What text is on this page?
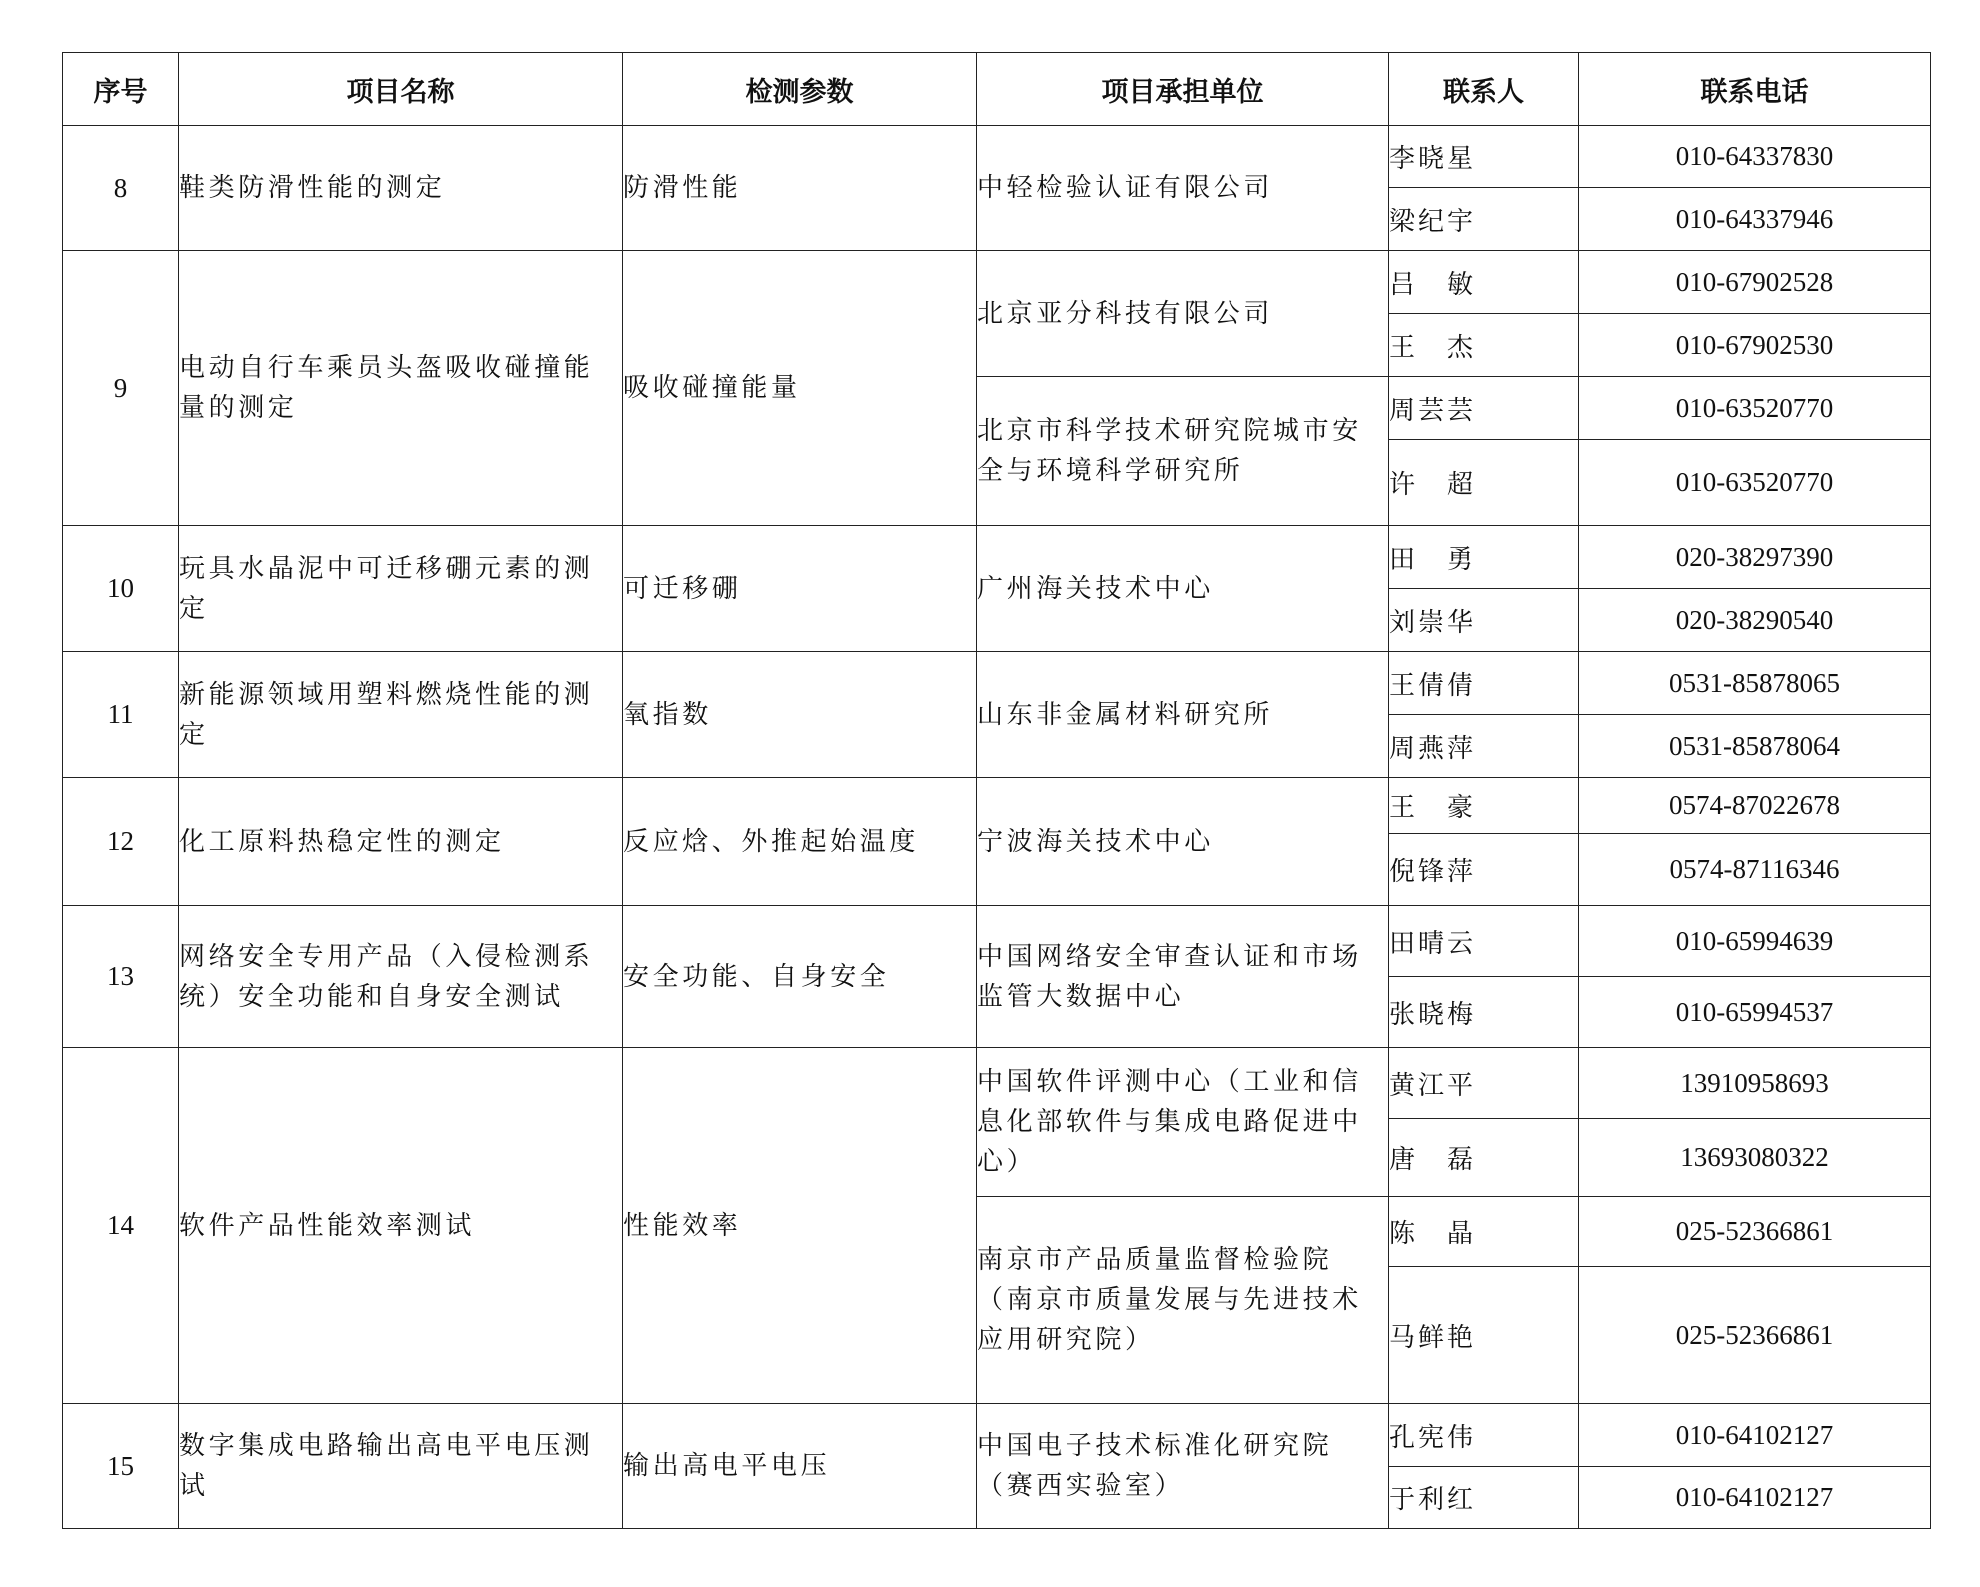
序号	项目名称	检测参数	项目承担单位	联系人	联系电话
8	鞋类防滑性能的测定	防滑性能	中轻检验认证有限公司	李晓星	010-64337830
				梁纪宇	010-64337946
9	电动自行车乘员头盔吸收碰撞能量的测定	吸收碰撞能量	北京亚分科技有限公司	吕　敏	010-67902528
				王　杰	010-67902530
			北京市科学技术研究院城市安全与环境科学研究所	周芸芸	010-63520770
				许　超	010-63520770
10	玩具水晶泥中可迁移硼元素的测定	可迁移硼	广州海关技术中心	田　勇	020-38297390
				刘崇华	020-38290540
11	新能源领域用塑料燃烧性能的测定	氧指数	山东非金属材料研究所	王倩倩	0531-85878065
				周燕萍	0531-85878064
12	化工原料热稳定性的测定	反应焓、外推起始温度	宁波海关技术中心	王　豪	0574-87022678
				倪锋萍	0574-87116346
13	网络安全专用产品（入侵检测系统）安全功能和自身安全测试	安全功能、自身安全	中国网络安全审查认证和市场监管大数据中心	田晴云	010-65994639
				张晓梅	010-65994537
14	软件产品性能效率测试	性能效率	中国软件评测中心（工业和信息化部软件与集成电路促进中心）	黄江平	13910958693
				唐　磊	13693080322
			南京市产品质量监督检验院（南京市质量发展与先进技术应用研究院）	陈　晶	025-52366861
				马鲜艳	025-52366861
15	数字集成电路输出高电平电压测试	输出高电平电压	中国电子技术标准化研究院（赛西实验室）	孔宪伟	010-64102127
				于利红	010-64102127
